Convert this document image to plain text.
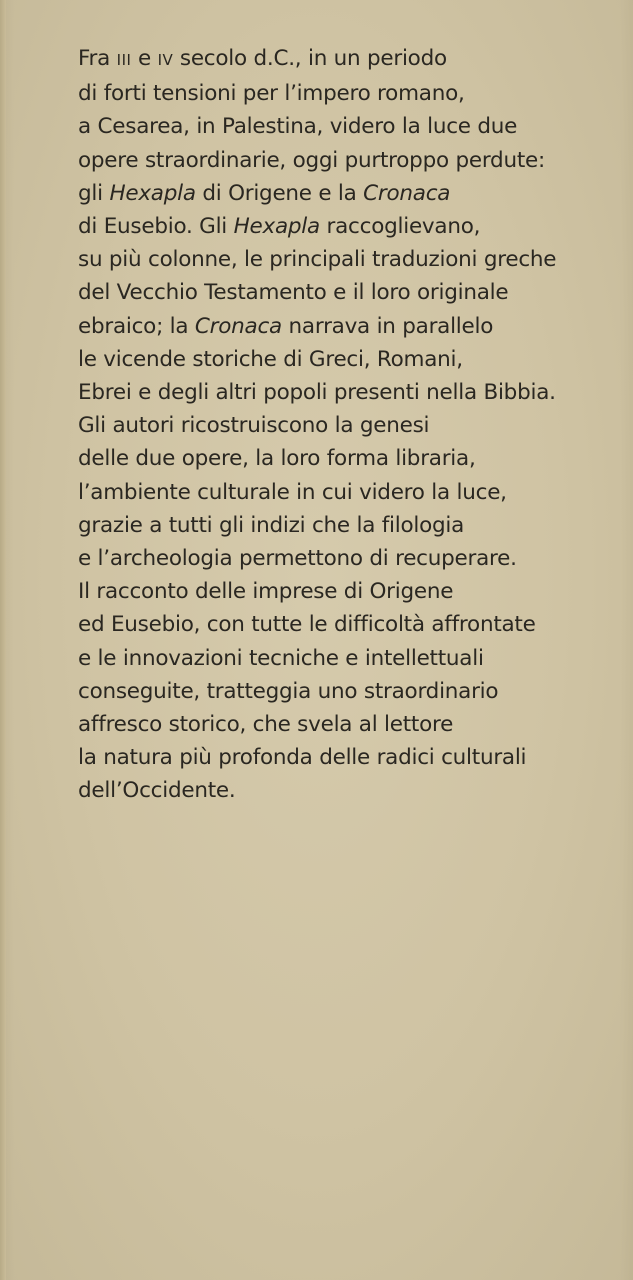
Fra III e IV secolo d.C., in un periodo
di forti tensioni per l’impero romano,
a Cesarea, in Palestina, videro la luce due
opere straordinarie, oggi purtroppo perdute:
gli Hexapla di Origene e la Cronaca
di Eusebio. Gli Hexapla raccoglievano,
su più colonne, le principali traduzioni greche
del Vecchio Testamento e il loro originale
ebraico; la Cronaca narrava in parallelo
le vicende storiche di Greci, Romani,
Ebrei e degli altri popoli presenti nella Bibbia.
Gli autori ricostruiscono la genesi
delle due opere, la loro forma libraria,
l’ambiente culturale in cui videro la luce,
grazie a tutti gli indizi che la filologia
e l’archeologia permettono di recuperare.
Il racconto delle imprese di Origene
ed Eusebio, con tutte le difficoltà affrontate
e le innovazioni tecniche e intellettuali
conseguite, tratteggia uno straordinario
affresco storico, che svela al lettore
la natura più profonda delle radici culturali
dell’Occidente.
